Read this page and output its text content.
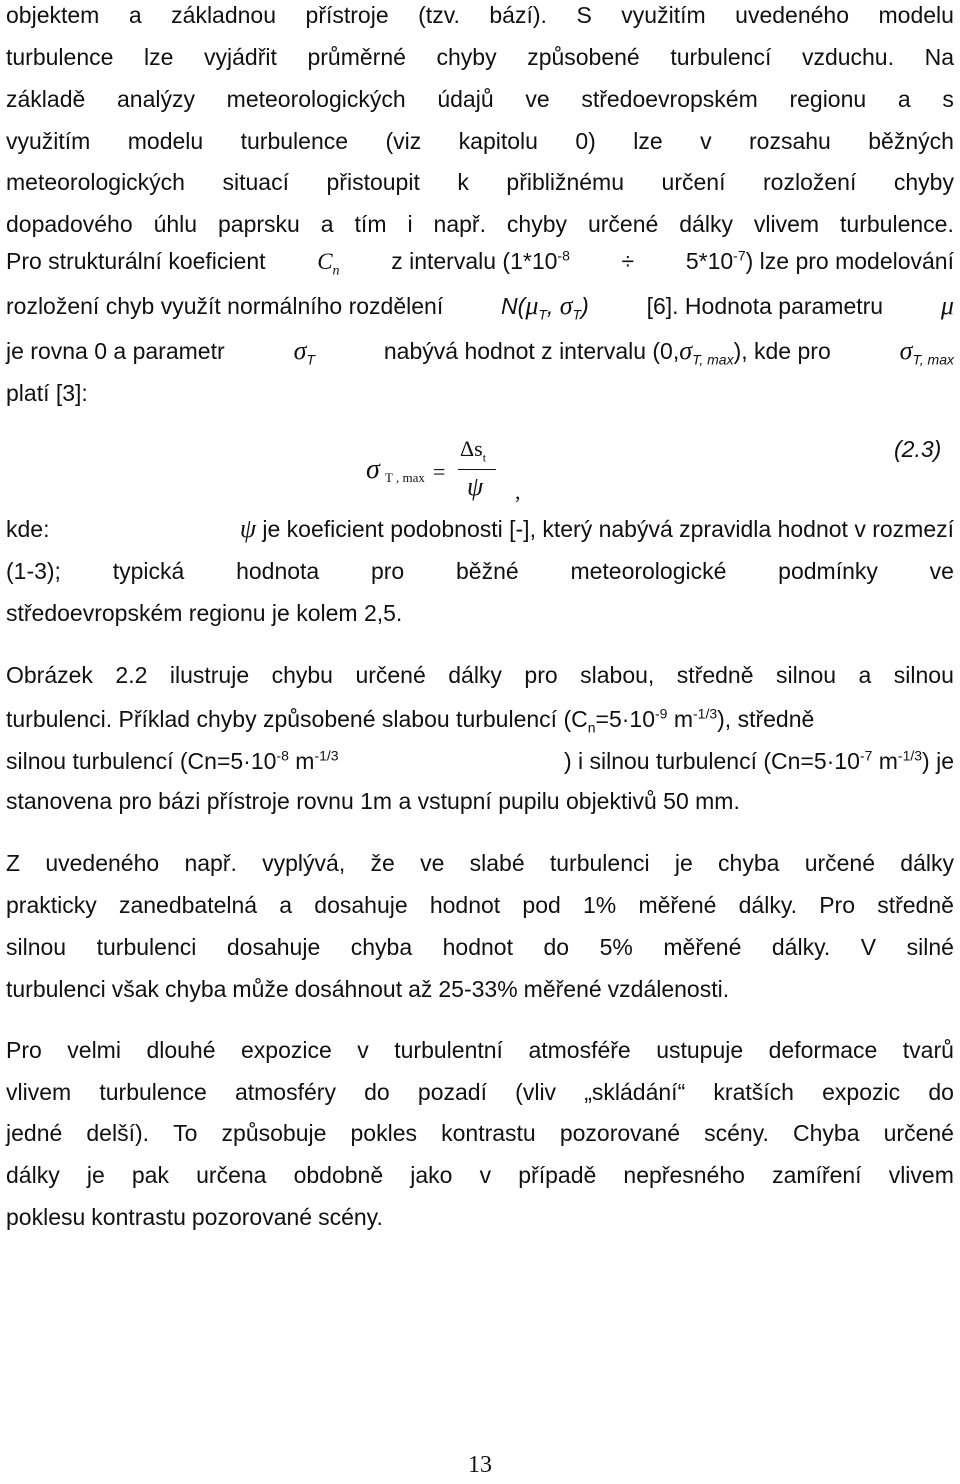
objektem a základnou přístroje (tzv. bází). S využitím uvedeného modelu
turbulence lze vyjádřit průměrné chyby způsobené turbulencí vzduchu. Na
základě analýzy meteorologických údajů ve středoevropském regionu a s
využitím modelu turbulence (viz kapitolu 0) lze v rozsahu běžných
meteorologických situací přistoupit k přibližnému určení rozložení chyby
dopadového úhlu paprsku a tím i např. chyby určené dálky vlivem turbulence.
Pro strukturální koeficient $C_n$ z intervalu $(1*10^{-8} \div 5*10^{-7})$ lze pro modelování
rozložení chyb využít normálního rozdělení	$N(\mu_T$, $\sigma_T$)	[6]. Hodnota parametru μ
je rovna 0 a parametr	$\sigma_T$	nabývá hodnot z intervalu $(0,\sigma_{T, max})$, kde pro	$\sigma_{T, max}$
platí [3]:
σ T , max =
$\Delta s_t$
ψ ,
(2.3)
kde:	ψ je koeficient podobnosti [-], který nabývá zpravidla hodnot v rozmezí
(1-3); typická hodnota pro běžné meteorologické podmínky ve
středoevropském regionu je kolem 2,5.
Obrázek 2.2 ilustruje chybu určené dálky pro slabou, středně silnou a silnou
turbulenci. Příklad chyby způsobené slabou turbulencí ($C_n=5\cdot 10^{-9}$ $m^{-1/3}$), středně
silnou turbulencí ($Cn=5\cdot 10^{-8}$ $m^{-1/3}$	) i silnou turbulencí ($Cn=5\cdot 10^{-7}$ $m^{-1/3}$) je
stanovena pro bázi přístroje rovnu 1m a vstupní pupilu objektivů 50 mm.
Z uvedeného např. vyplývá, že ve slabé turbulenci je chyba určené dálky
prakticky zanedbatelná a dosahuje hodnot pod 1% měřené dálky. Pro středně
silnou turbulenci dosahuje chyba hodnot do 5% měřené dálky. V silné
turbulenci však chyba může dosáhnout až 25-33% měřené vzdálenosti.
Pro velmi dlouhé expozice v turbulentní atmosféře ustupuje deformace tvarů
vlivem turbulence atmosféry do pozadí (vliv „skládání“ kratších expozic do
jedné delší). To způsobuje pokles kontrastu pozorované scény. Chyba určené
dálky je pak určena obdobně jako v případě nepřesného zamíření vlivem
poklesu kontrastu pozorované scény.
13
